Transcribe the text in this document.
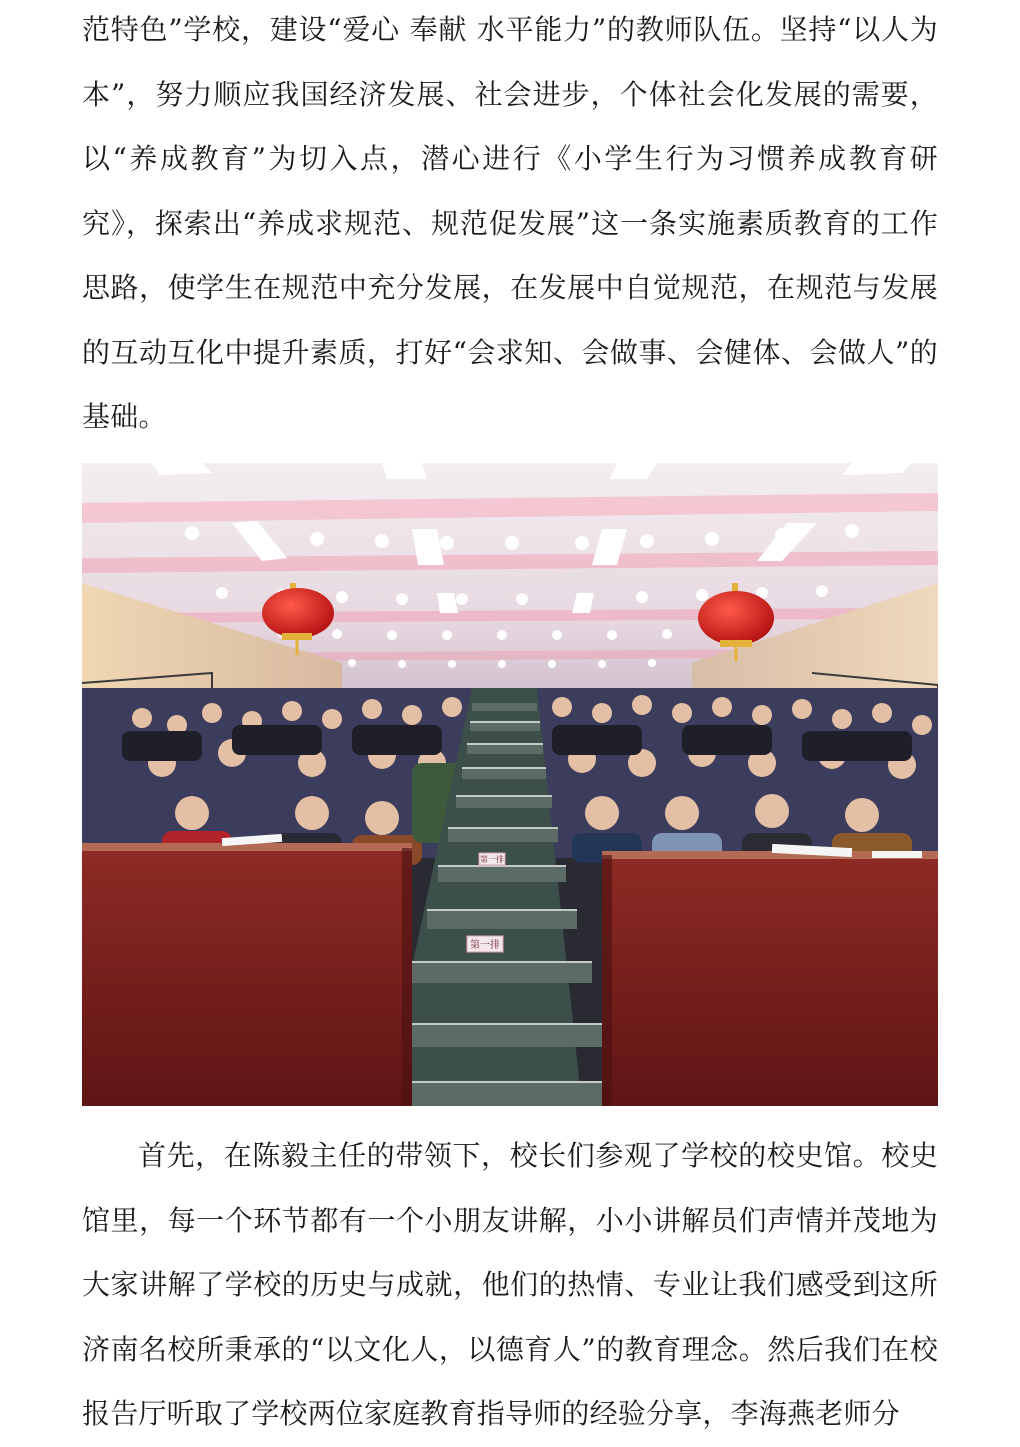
范特色”学校，建设“爱心 奉献 水平能力”的教师队伍。坚持“以人为本”，努力顺应我国经济发展、社会进步，个体社会化发展的需要，以“养成教育”为切入点，潜心进行《小学生行为习惯养成教育研究》，探索出“养成求规范、规范促发展”这一条实施素质教育的工作思路，使学生在规范中充分发展，在发展中自觉规范，在规范与发展的互动互化中提升素质，打好“会求知、会做事、会健体、会做人”的基础。

第一排
第一排

首先，在陈毅主任的带领下，校长们参观了学校的校史馆。校史馆里，每一个环节都有一个小朋友讲解，小小讲解员们声情并茂地为大家讲解了学校的历史与成就，他们的热情、专业让我们感受到这所济南名校所秉承的“以文化人，以德育人”的教育理念。然后我们在校报告厅听取了学校两位家庭教育指导师的经验分享，李海燕老师分
